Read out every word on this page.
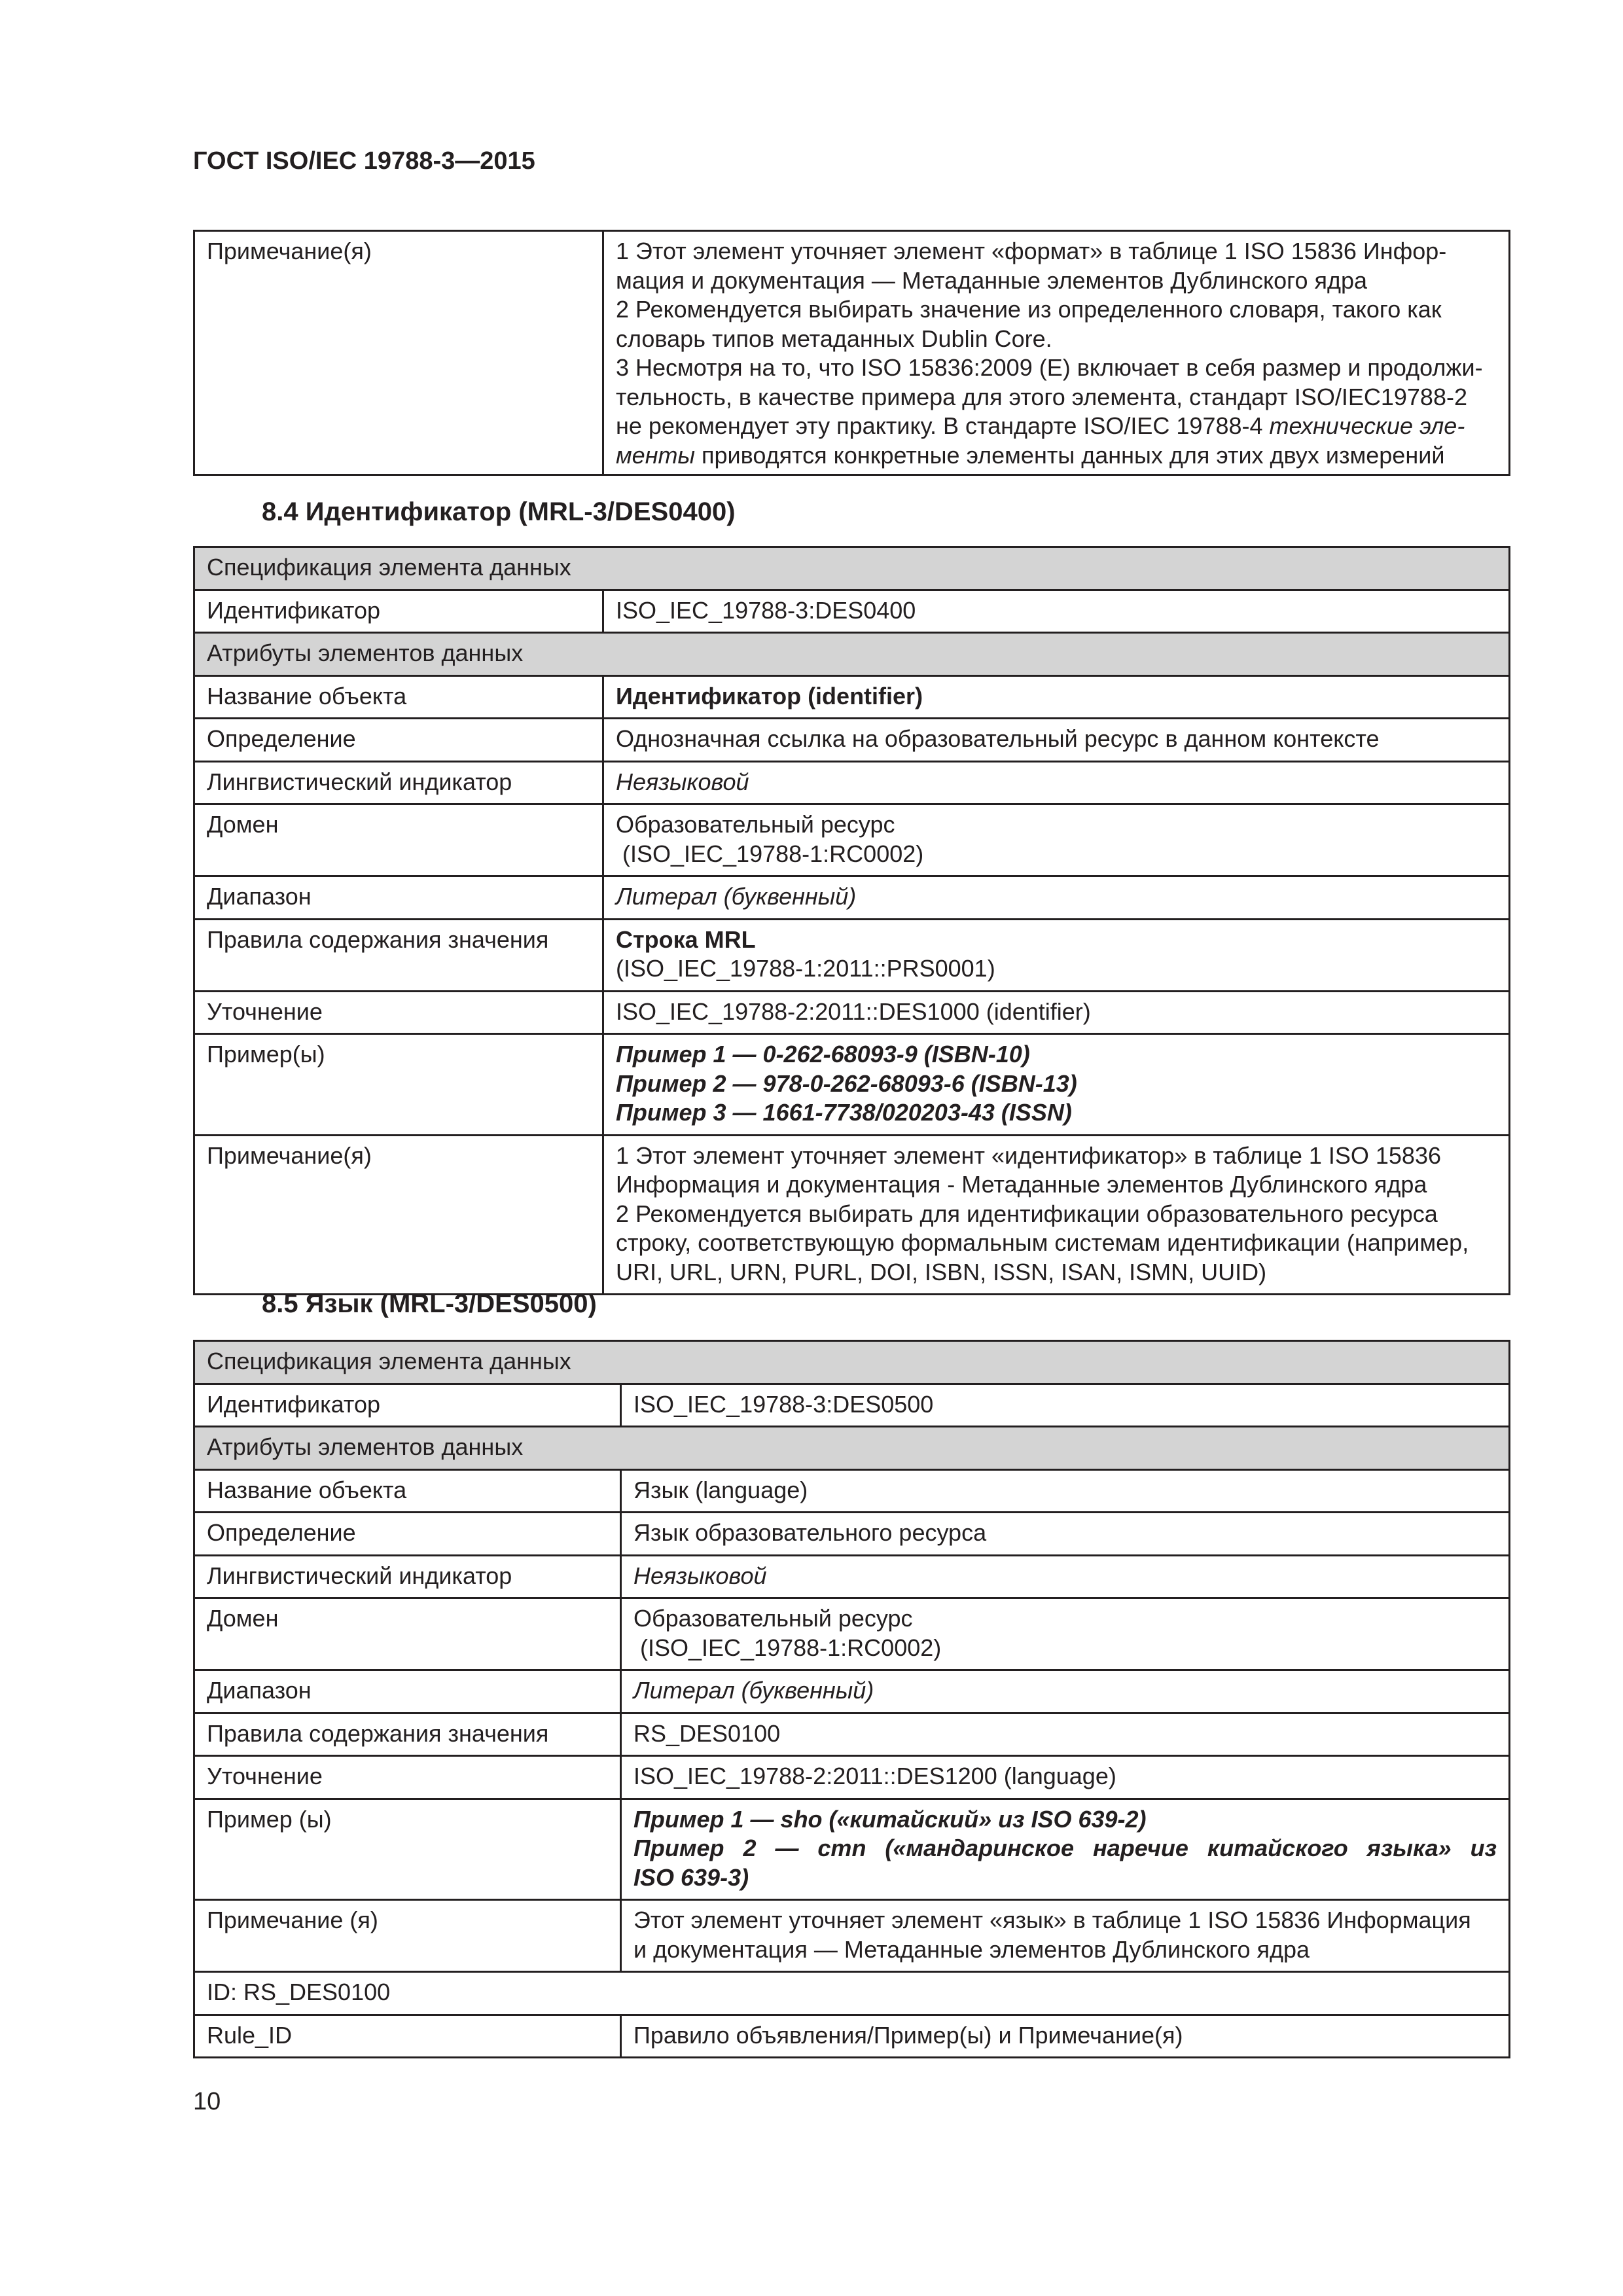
ГОСТ ISO/IEC 19788-3—2015
Примечание(я)	1 Этот элемент уточняет элемент «формат» в таблице 1 ISO 15836 Инфор-
мация и документация — Метаданные элементов Дублинского ядра
2 Рекомендуется выбирать значение из определенного словаря, такого как
словарь типов метаданных Dublin Core.
3 Несмотря на то, что ISO 15836:2009 (E) включает в себя размер и продолжи-
тельность, в качестве примера для этого элемента, стандарт ISO/IEC19788-2
не рекомендует эту практику. В стандарте ISO/IEC 19788-4 технические эле-
менты приводятся конкретные элементы данных для этих двух измерений
8.4 Идентификатор (MRL-3/DES0400)
Спецификация элемента данных	
Идентификатор	ISO_IEC_19788-3:DES0400
Атрибуты элементов данных	
Название объекта	Идентификатор (identifier)
Определение	Однозначная ссылка на образовательный ресурс в данном контексте
Лингвистический индикатор	Неязыковой
Домен	Образовательный ресурс
(ISO_IEC_19788-1:RC0002)

Диапазон	Литерал (буквенный)
Правила содержания значения	Строка MRL
(ISO_IEC_19788-1:2011::PRS0001)

Уточнение	ISO_IEC_19788-2:2011::DES1000 (identifier)
Пример(ы)	Пример 1 — 0-262-68093-9 (ISBN-10)
Пример 2 — 978-0-262-68093-6 (ISBN-13)
Пример 3 — 1661-7738/020203-43 (ISSN)

Примечание(я)	1 Этот элемент уточняет элемент «идентификатор» в таблице 1 ISO 15836
Информация и документация - Метаданные элементов Дублинского ядра
2 Рекомендуется выбирать для идентификации образовательного ресурса
строку, соответствующую формальным системам идентификации (например,
URI, URL, URN, PURL, DOI, ISBN, ISSN, ISAN, ISMN, UUID)
8.5 Язык (MRL-3/DES0500)
Спецификация элемента данных	
Идентификатор	ISO_IEC_19788-3:DES0500
Атрибуты элементов данных	
Название объекта	Язык (language)
Определение	Язык образовательного ресурса
Лингвистический индикатор	Неязыковой
Домен	Образовательный ресурс
(ISO_IEC_19788-1:RC0002)

Диапазон	Литерал (буквенный)
Правила содержания значения	RS_DES0100
Уточнение	ISO_IEC_19788-2:2011::DES1200 (language)
Пример (ы)	Пример 1 — sho («китайский» из ISO 639-2)
Пример 2 — cmn («мандаринское наречие китайского языка» из
ISO 639-3)

Примечание (я)	Этот элемент уточняет элемент «язык» в таблице 1 ISO 15836 Информация
и документация — Метаданные элементов Дублинского ядра

ID: RS_DES0100	
Rule_ID	Правило объявления/Пример(ы) и Примечание(я)
10
